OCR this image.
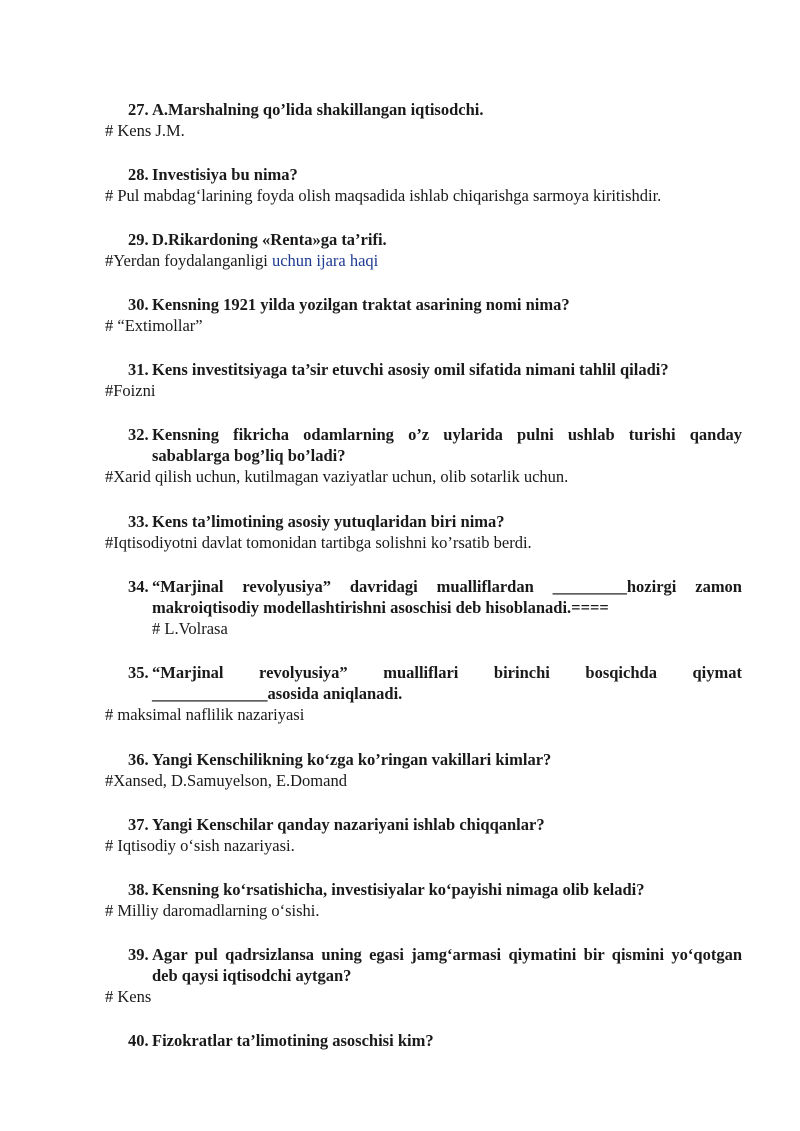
27. A.Marshalning qo’lida shakillangan iqtisodchi.

# Kens J.M.

28. Investisiya bu nima?

# Pul mabdag‘larining foyda olish maqsadida ishlab chiqarishga sarmoya kiritishdir.

29. D.Rikardoning «Renta»ga ta’rifi.

#Yerdan foydalanganligi uchun ijara haqi

30. Kensning 1921 yilda yozilgan traktat asarining nomi nima?

# “Extimollar”

31. Kens investitsiyaga ta’sir etuvchi asosiy omil sifatida nimani tahlil qiladi?

#Foizni

32. Kensning fikricha odamlarning o’z uylarida pulni ushlab turishi qanday sabablarga bog’liq bo’ladi?

#Xarid qilish uchun, kutilmagan vaziyatlar uchun, olib sotarlik uchun.

33. Kens ta’limotining asosiy yutuqlaridan biri nima?

#Iqtisodiyotni davlat tomonidan tartibga solishni ko’rsatib berdi.

34. “Marjinal revolyusiya” davridagi mualliflardan _________hozirgi zamon makroiqtisodiy modellashtirishni asoschisi deb hisoblanadi.====

# L.Volrasa

35. “Marjinal revolyusiya” mualliflari birinchi bosqichda qiymat ______________asosida aniqlanadi.

# maksimal naflilik nazariyasi

36. Yangi Kenschilikning ko‘zga ko’ringan vakillari kimlar?

#Xansed, D.Samuyelson, E.Domand

37. Yangi Kenschilar qanday nazariyani ishlab chiqqanlar?

# Iqtisodiy o‘sish nazariyasi.

38. Kensning ko‘rsatishicha, investisiyalar ko‘payishi nimaga olib keladi?

# Milliy daromadlarning o‘sishi.

39. Agar pul qadrsizlansa uning egasi jamg‘armasi qiymatini bir qismini yo‘qotgan deb qaysi iqtisodchi aytgan?

# Kens

40. Fizokratlar ta’limotining asoschisi kim?
